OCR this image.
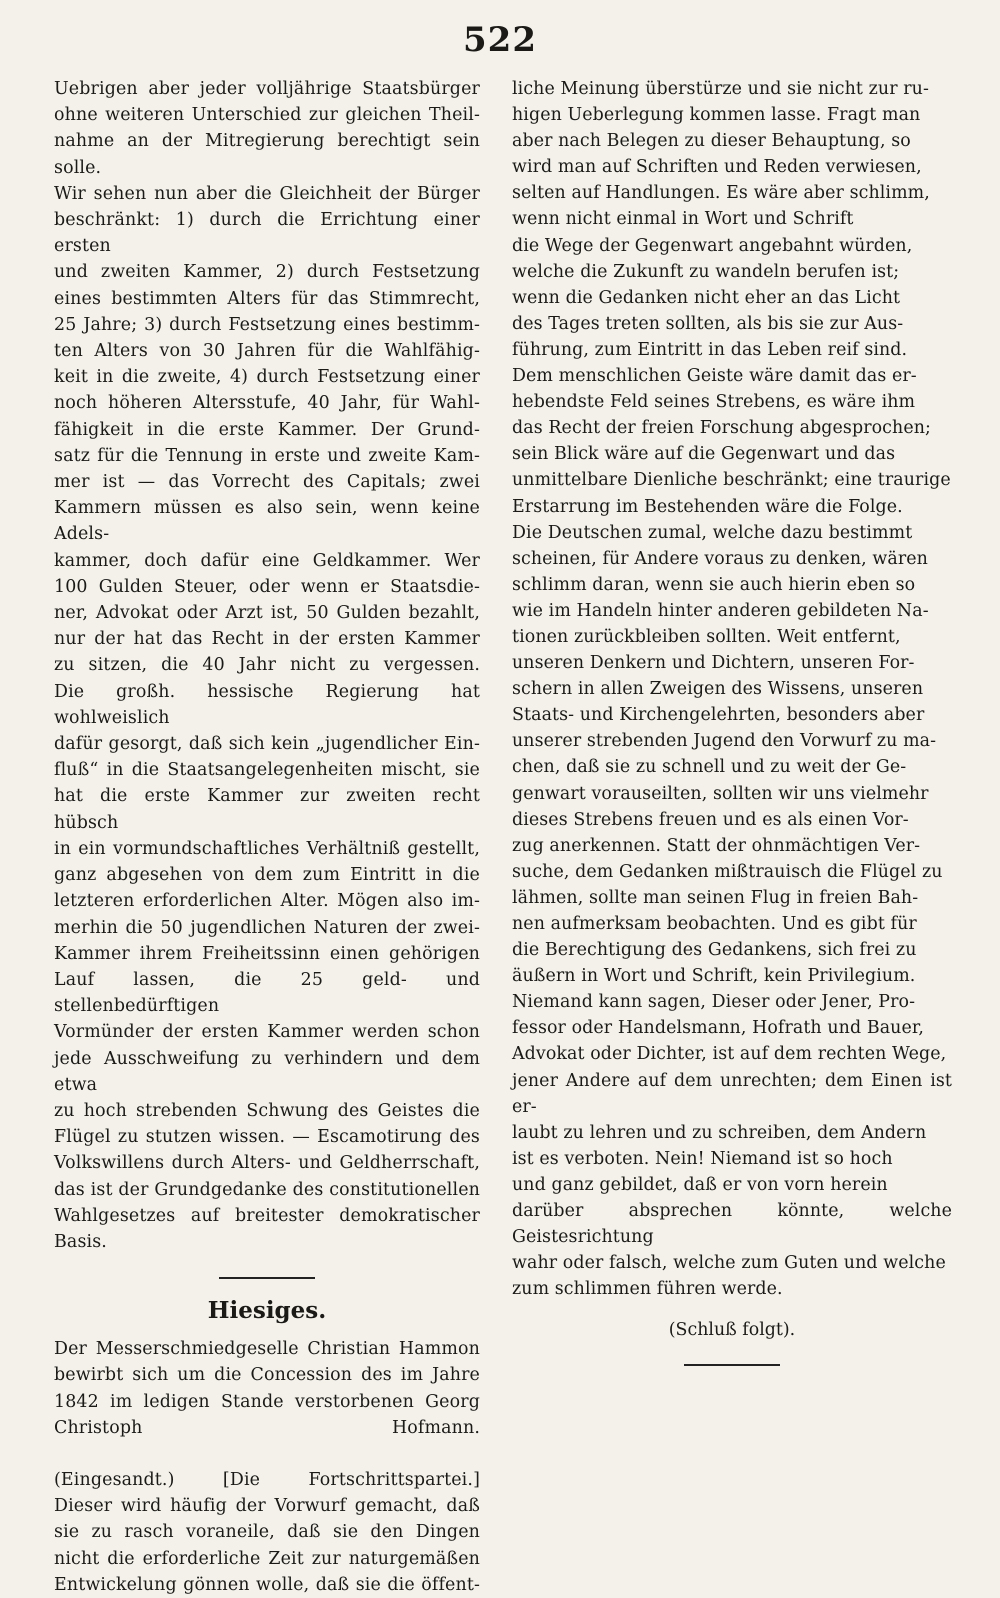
522
Uebrigen aber jeder volljährige Staatsbürger
ohne weiteren Unterschied zur gleichen Theil-
nahme an der Mitregierung berechtigt sein solle.
Wir sehen nun aber die Gleichheit der Bürger
beschränkt: 1) durch die Errichtung einer ersten
und zweiten Kammer, 2) durch Festsetzung
eines bestimmten Alters für das Stimmrecht,
25 Jahre; 3) durch Festsetzung eines bestimm-
ten Alters von 30 Jahren für die Wahlfähig-
keit in die zweite, 4) durch Festsetzung einer
noch höheren Altersstufe, 40 Jahr, für Wahl-
fähigkeit in die erste Kammer. Der Grund-
satz für die Tennung in erste und zweite Kam-
mer ist — das Vorrecht des Capitals; zwei
Kammern müssen es also sein, wenn keine Adels-
kammer, doch dafür eine Geldkammer. Wer
100 Gulden Steuer, oder wenn er Staatsdie-
ner, Advokat oder Arzt ist, 50 Gulden bezahlt,
nur der hat das Recht in der ersten Kammer
zu sitzen, die 40 Jahr nicht zu vergessen.
Die großh. hessische Regierung hat wohlweislich
dafür gesorgt, daß sich kein „jugendlicher Ein-
fluß“ in die Staatsangelegenheiten mischt, sie
hat die erste Kammer zur zweiten recht hübsch
in ein vormundschaftliches Verhältniß gestellt,
ganz abgesehen von dem zum Eintritt in die
letzteren erforderlichen Alter. Mögen also im-
merhin die 50 jugendlichen Naturen der zwei-
Kammer ihrem Freiheitssinn einen gehörigen
Lauf lassen, die 25 geld- und stellenbedürftigen
Vormünder der ersten Kammer werden schon
jede Ausschweifung zu verhindern und dem etwa
zu hoch strebenden Schwung des Geistes die
Flügel zu stutzen wissen. — Escamotirung des
Volkswillens durch Alters- und Geldherrschaft,
das ist der Grundgedanke des constitutionellen
Wahlgesetzes auf breitester demokratischer Basis.
Hiesiges.
Der Messerschmiedgeselle Christian Hammon
bewirbt sich um die Concession des im Jahre
1842 im ledigen Stande verstorbenen Georg
Christoph Hofmann.
(Eingesandt.) [Die Fortschrittspartei.]
Dieser wird häufig der Vorwurf gemacht, daß
sie zu rasch voraneile, daß sie den Dingen
nicht die erforderliche Zeit zur naturgemäßen
Entwickelung gönnen wolle, daß sie die öffent-
liche Meinung überstürze und sie nicht zur ru-
higen Ueberlegung kommen lasse. Fragt man
aber nach Belegen zu dieser Behauptung, so
wird man auf Schriften und Reden verwiesen,
selten auf Handlungen. Es wäre aber schlimm,
wenn nicht einmal in Wort und Schrift
die Wege der Gegenwart angebahnt würden,
welche die Zukunft zu wandeln berufen ist;
wenn die Gedanken nicht eher an das Licht
des Tages treten sollten, als bis sie zur Aus-
führung, zum Eintritt in das Leben reif sind.
Dem menschlichen Geiste wäre damit das er-
hebendste Feld seines Strebens, es wäre ihm
das Recht der freien Forschung abgesprochen;
sein Blick wäre auf die Gegenwart und das
unmittelbare Dienliche beschränkt; eine traurige
Erstarrung im Bestehenden wäre die Folge.
Die Deutschen zumal, welche dazu bestimmt
scheinen, für Andere voraus zu denken, wären
schlimm daran, wenn sie auch hierin eben so
wie im Handeln hinter anderen gebildeten Na-
tionen zurückbleiben sollten. Weit entfernt,
unseren Denkern und Dichtern, unseren For-
schern in allen Zweigen des Wissens, unseren
Staats- und Kirchengelehrten, besonders aber
unserer strebenden Jugend den Vorwurf zu ma-
chen, daß sie zu schnell und zu weit der Ge-
genwart vorauseilten, sollten wir uns vielmehr
dieses Strebens freuen und es als einen Vor-
zug anerkennen. Statt der ohnmächtigen Ver-
suche, dem Gedanken mißtrauisch die Flügel zu
lähmen, sollte man seinen Flug in freien Bah-
nen aufmerksam beobachten. Und es gibt für
die Berechtigung des Gedankens, sich frei zu
äußern in Wort und Schrift, kein Privilegium.
Niemand kann sagen, Dieser oder Jener, Pro-
fessor oder Handelsmann, Hofrath und Bauer,
Advokat oder Dichter, ist auf dem rechten Wege,
jener Andere auf dem unrechten; dem Einen ist er-
laubt zu lehren und zu schreiben, dem Andern
ist es verboten. Nein! Niemand ist so hoch
und ganz gebildet, daß er von vorn herein
darüber absprechen könnte, welche Geistesrichtung
wahr oder falsch, welche zum Guten und welche
zum schlimmen führen werde.
(Schluß folgt).
